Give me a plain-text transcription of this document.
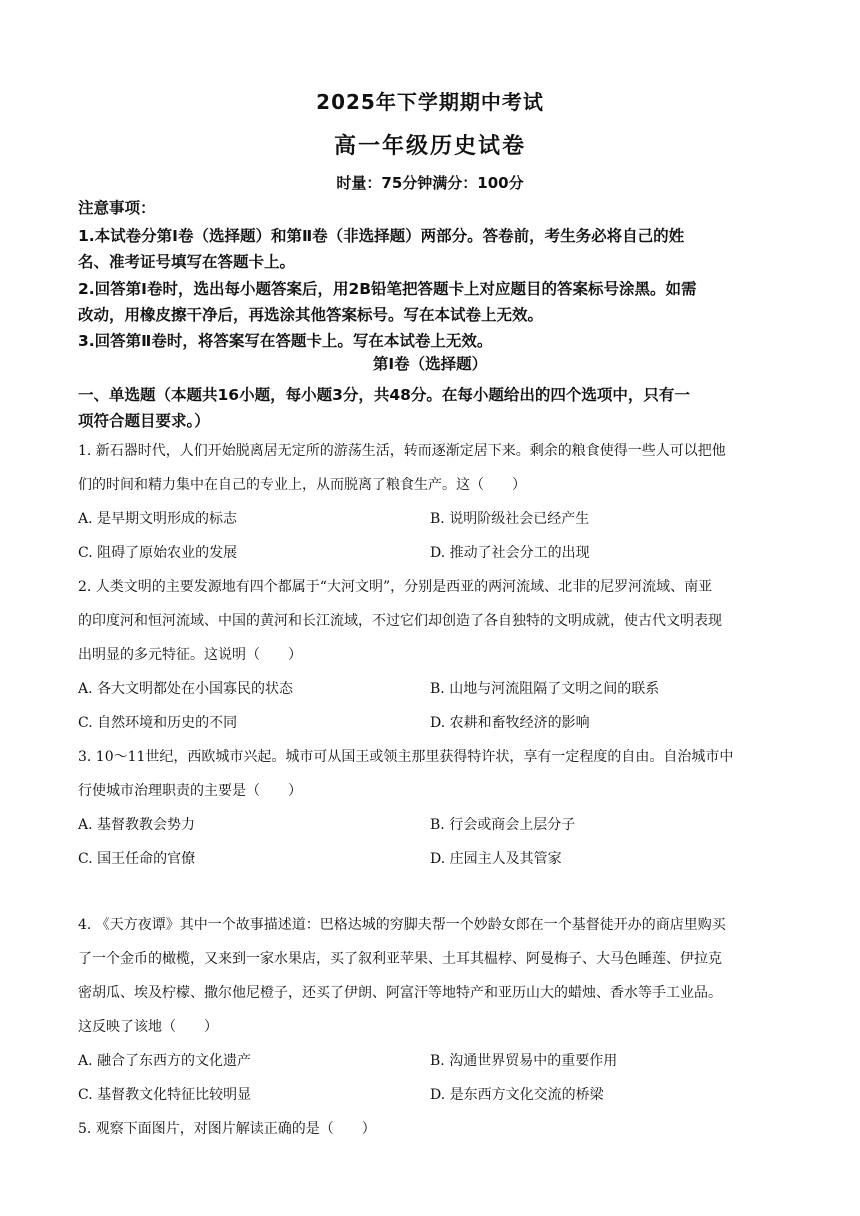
2025年下学期期中考试
高一年级历史试卷
时量：75分钟满分：100分
注意事项：
1.本试卷分第Ⅰ卷（选择题）和第Ⅱ卷（非选择题）两部分。答卷前，考生务必将自己的姓
名、准考证号填写在答题卡上。
2.回答第Ⅰ卷时，选出每小题答案后，用2B铅笔把答题卡上对应题目的答案标号涂黑。如需
改动，用橡皮擦干净后，再选涂其他答案标号。写在本试卷上无效。
3.回答第Ⅱ卷时，将答案写在答题卡上。写在本试卷上无效。
第Ⅰ卷（选择题）
一、单选题（本题共16小题，每小题3分，共48分。在每小题给出的四个选项中，只有一
项符合题目要求。）
1. 新石器时代，人们开始脱离居无定所的游荡生活，转而逐渐定居下来。剩余的粮食使得一些人可以把他
们的时间和精力集中在自己的专业上，从而脱离了粮食生产。这（　　）
A. 是早期文明形成的标志	B. 说明阶级社会已经产生
C. 阻碍了原始农业的发展	D. 推动了社会分工的出现
2. 人类文明的主要发源地有四个都属于“大河文明”，分别是西亚的两河流域、北非的尼罗河流域、南亚
的印度河和恒河流域、中国的黄河和长江流域，不过它们却创造了各自独特的文明成就，使古代文明表现
出明显的多元特征。这说明（　　）
A. 各大文明都处在小国寡民的状态	B. 山地与河流阻隔了文明之间的联系
C. 自然环境和历史的不同	D. 农耕和畜牧经济的影响
3. 10～11世纪，西欧城市兴起。城市可从国王或领主那里获得特许状，享有一定程度的自由。自治城市中
行使城市治理职责的主要是（　　）
A. 基督教教会势力	B. 行会或商会上层分子
C. 国王任命的官僚	D. 庄园主人及其管家
4. 《天方夜谭》其中一个故事描述道：巴格达城的穷脚夫帮一个妙龄女郎在一个基督徒开办的商店里购买
了一个金币的橄榄，又来到一家水果店，买了叙利亚苹果、土耳其榅桲、阿曼梅子、大马色睡莲、伊拉克
密胡瓜、埃及柠檬、撒尔他尼橙子，还买了伊朗、阿富汗等地特产和亚历山大的蜡烛、香水等手工业品。
这反映了该地（　　）
A. 融合了东西方的文化遗产	B. 沟通世界贸易中的重要作用
C. 基督教文化特征比较明显	D. 是东西方文化交流的桥梁
5. 观察下面图片，对图片解读正确的是（　　）
